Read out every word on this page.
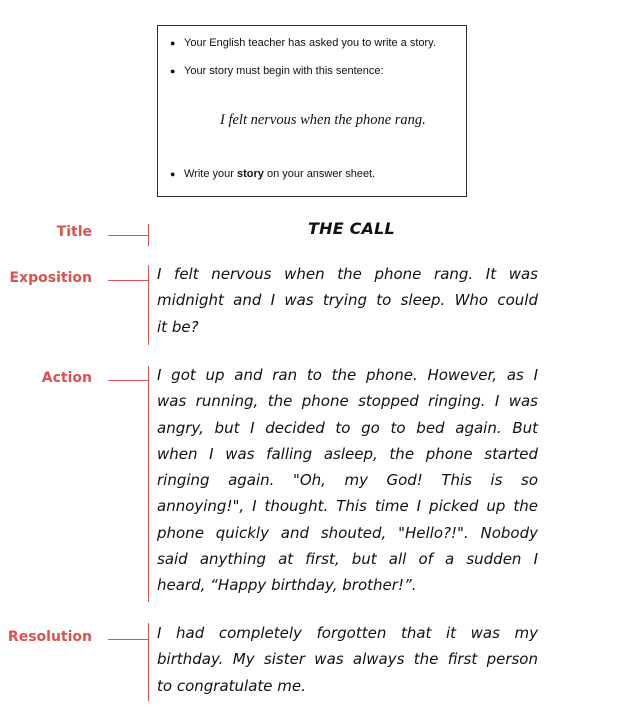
● Your English teacher has asked you to write a story.
● Your story must begin with this sentence:
I felt nervous when the phone rang.
● Write your story on your answer sheet.
Title	THE CALL
Exposition	I felt nervous when the phone rang. It was
midnight and I was trying to sleep. Who could
it be?
Action	I got up and ran to the phone. However, as I
was running, the phone stopped ringing. I was
angry, but I decided to go to bed again. But
when I was falling asleep, the phone started
ringing again. "Oh, my God! This is so
annoying!", I thought. This time I picked up the
phone quickly and shouted, "Hello?!". Nobody
said anything at first, but all of a sudden I
heard, “Happy birthday, brother!”.
Resolution	I had completely forgotten that it was my
birthday. My sister was always the first person
to congratulate me.
